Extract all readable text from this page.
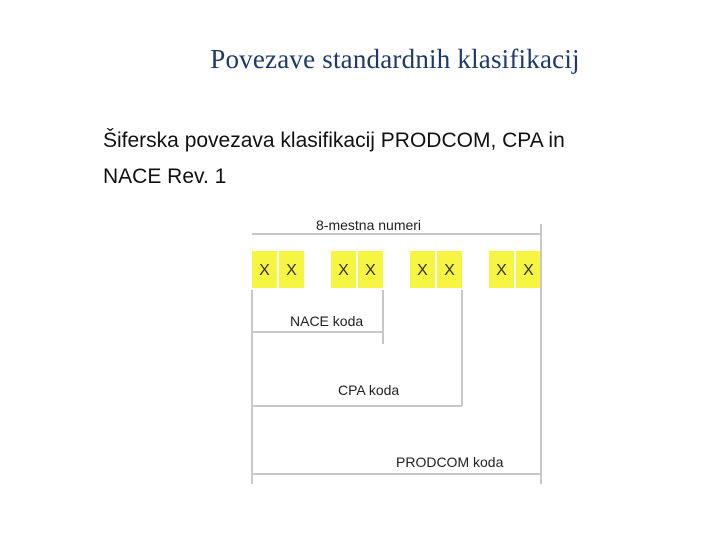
Povezave standardnih klasifikacij
Šiferska povezava klasifikacij PRODCOM, CPA in
NACE Rev. 1
8-mestna numeri
X X	X X	X X	X X
NACE koda
CPA koda
PRODCOM koda
